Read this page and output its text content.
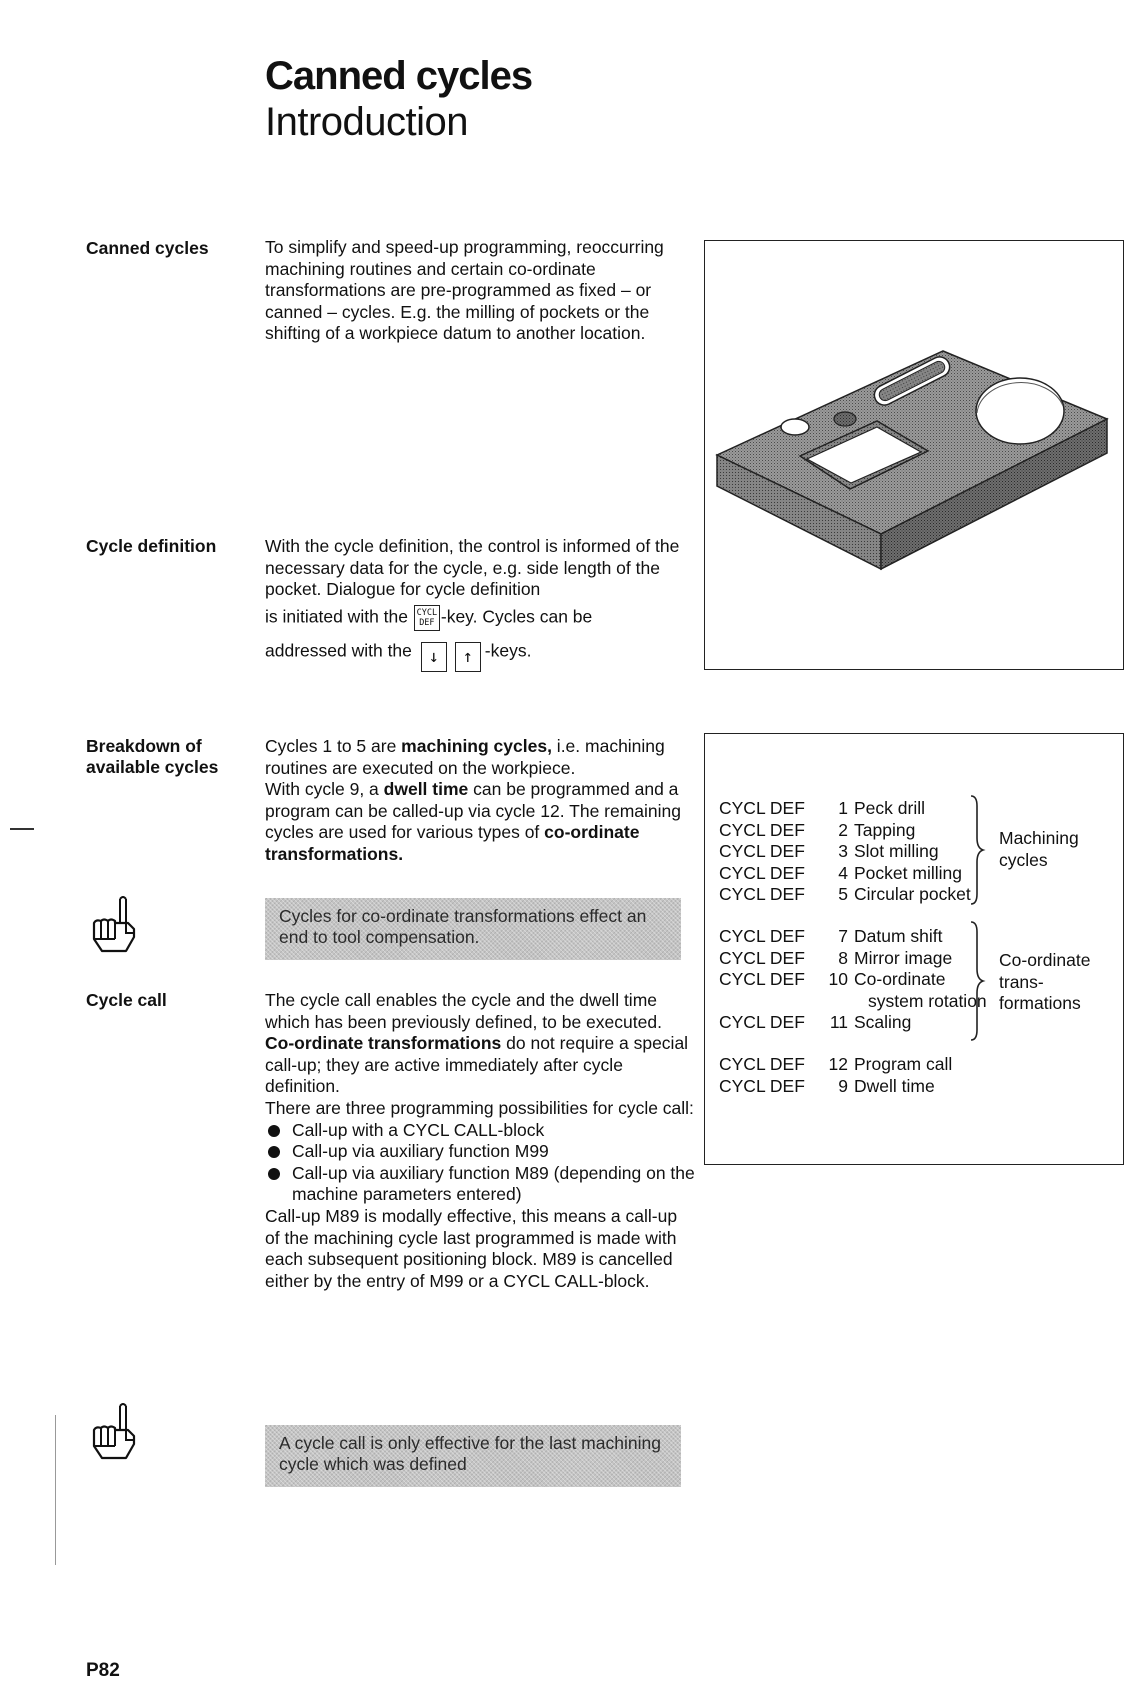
Canned cycles
Introduction
Canned cycles	To simplify and speed-up programming, reoccurring machining routines and certain co-ordinate transformations are pre-programmed as fixed – or canned – cycles. E.g. the milling of pockets or the shifting of a workpiece datum to another location.

Cycle definition	With the cycle definition, the control is informed of the necessary data for the cycle, e.g. side length of the pocket. Dialogue for cycle definition

is initiated with the CYCL
DEF -key. Cycles can be

addressed with the ↓ ↑ -keys.

Breakdown of available cycles

Cycles 1 to 5 are machining cycles, i.e. machining routines are executed on the workpiece.

With cycle 9, a dwell time can be programmed and a program can be called-up via cycle 12. The remaining cycles are used for various types of co-ordinate transformations.

Machining
cycles
Co-ordinate
trans-
formations
CYCL DEF 1 Peck drill
CYCL DEF 2 Tapping
CYCL DEF 3 Slot milling
CYCL DEF 4 Pocket milling
CYCL DEF 5 Circular pocket
CYCL DEF 7 Datum shift
CYCL DEF 8 Mirror image
CYCL DEF 10 Co-ordinate
system rotation
CYCL DEF 11 Scaling
CYCL DEF 12 Program call
CYCL DEF 9 Dwell time
Cycles for co-ordinate transformations effect an end to tool compensation.
Cycle call	The cycle call enables the cycle and the dwell time which has been previously defined, to be executed.

Co-ordinate transformations do not require a special call-up; they are active immediately after cycle definition.

There are three programming possibilities for cycle call:

Call-up with a CYCL CALL-block
Call-up via auxiliary function M99
Call-up via auxiliary function M89 (depending on the machine parameters entered)

Call-up M89 is modally effective, this means a call-up of the machining cycle last programmed is made with each subsequent positioning block. M89 is cancelled either by the entry of M99 or a CYCL CALL-block.

A cycle call is only effective for the last machining cycle which was defined
P82
